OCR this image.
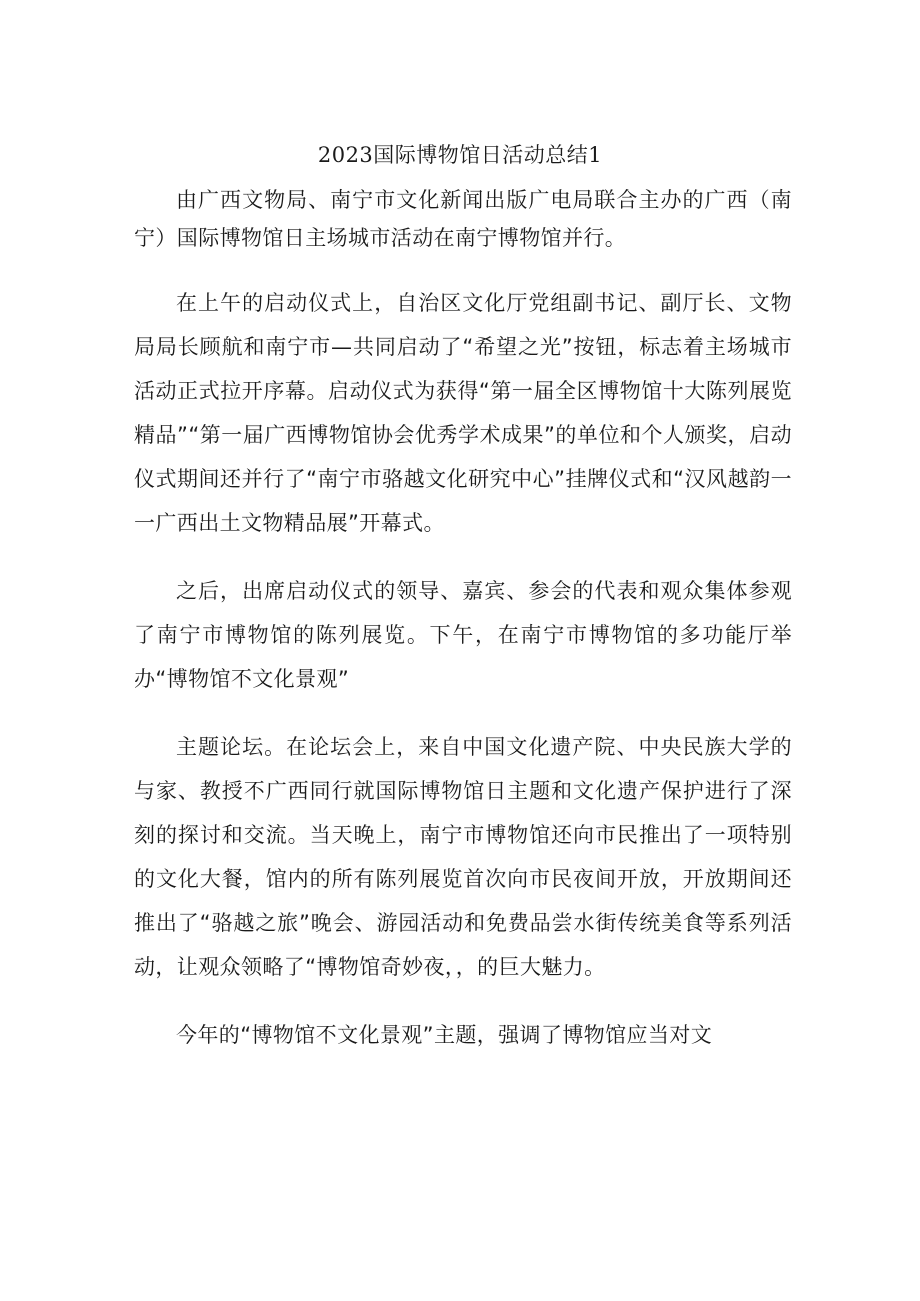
2023国际博物馆日活动总结1

由广西文物局、南宁市文化新闻出版广电局联合主办的广西（南宁）国际博物馆日主场城市活动在南宁博物馆并行。

在上午的启动仪式上，自治区文化厅党组副书记、副厅长、文物局局长顾航和南宁市—共同启动了“希望之光”按钮，标志着主场城市活动正式拉开序幕。启动仪式为获得“第一届全区博物馆十大陈列展览精品”“第一届广西博物馆协会优秀学术成果”的单位和个人颁奖，启动仪式期间还并行了“南宁市骆越文化研究中心”挂牌仪式和“汉风越韵一一广西出土文物精品展”开幕式。

之后，出席启动仪式的领导、嘉宾、参会的代表和观众集体参观了南宁市博物馆的陈列展览。下午，在南宁市博物馆的多功能厅举办“博物馆不文化景观”

主题论坛。在论坛会上，来自中国文化遗产院、中央民族大学的与家、教授不广西同行就国际博物馆日主题和文化遗产保护进行了深刻的探讨和交流。当天晚上，南宁市博物馆还向市民推出了一项特别的文化大餐，馆内的所有陈列展览首次向市民夜间开放，开放期间还推出了“骆越之旅”晚会、游园活动和免费品尝水街传统美食等系列活动，让观众领略了“博物馆奇妙夜，，的巨大魅力。

今年的“博物馆不文化景观”主题，强调了博物馆应当对文
